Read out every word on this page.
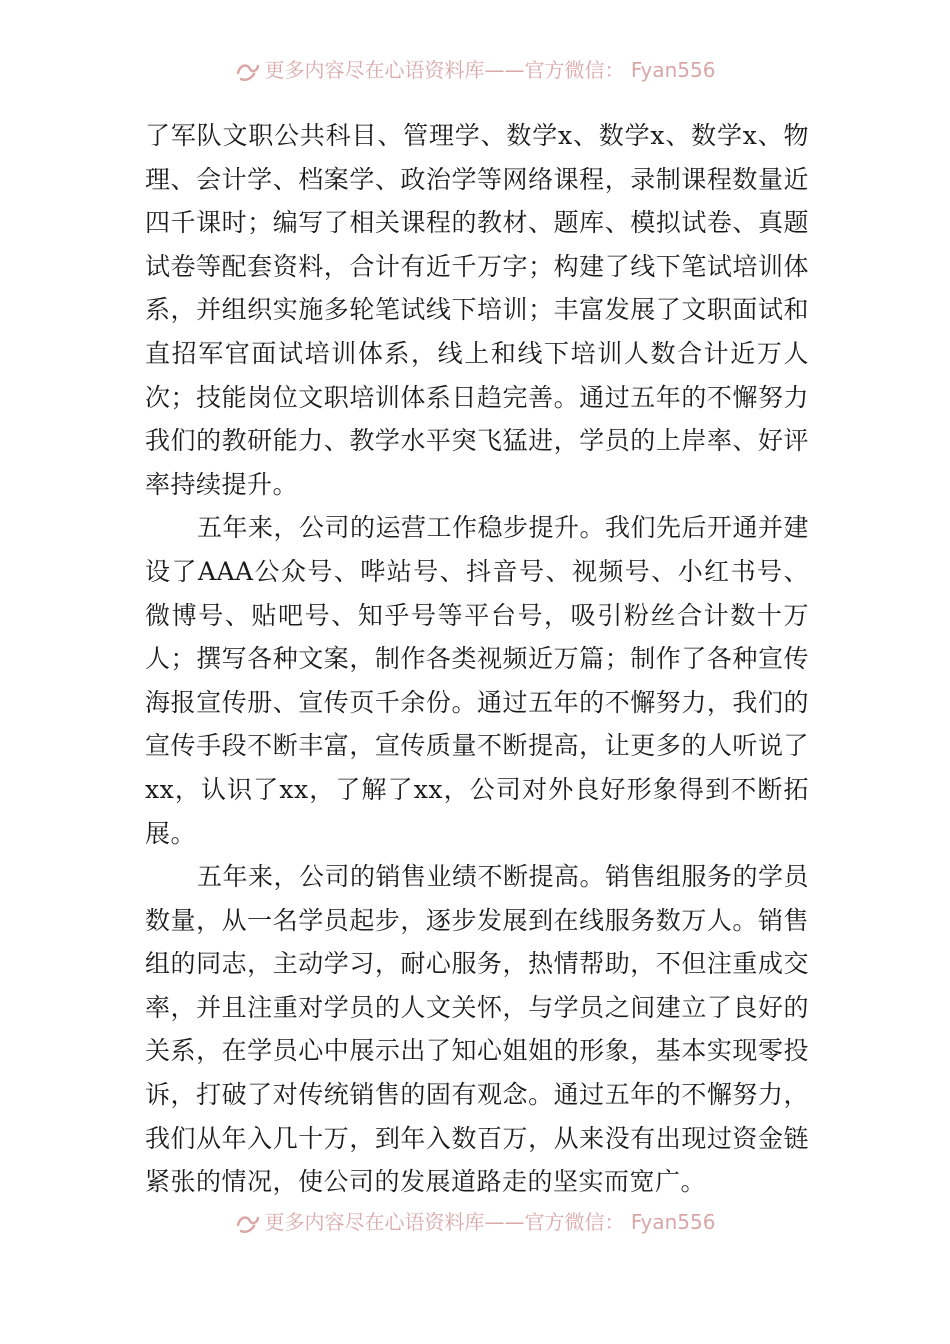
更多内容尽在心语资料库——官方微信： Fyan556

了军队文职公共科目、管理学、数学x、数学x、数学x、物理、会计学、档案学、政治学等网络课程，录制课程数量近四千课时；编写了相关课程的教材、题库、模拟试卷、真题试卷等配套资料，合计有近千万字；构建了线下笔试培训体系，并组织实施多轮笔试线下培训；丰富发展了文职面试和直招军官面试培训体系，线上和线下培训人数合计近万人次；技能岗位文职培训体系日趋完善。通过五年的不懈努力我们的教研能力、教学水平突飞猛进，学员的上岸率、好评率持续提升。

五年来，公司的运营工作稳步提升。我们先后开通并建设了AAA公众号、哔站号、抖音号、视频号、小红书号、微博号、贴吧号、知乎号等平台号，吸引粉丝合计数十万人；撰写各种文案，制作各类视频近万篇；制作了各种宣传海报宣传册、宣传页千余份。通过五年的不懈努力，我们的宣传手段不断丰富，宣传质量不断提高，让更多的人听说了xx，认识了xx，了解了xx，公司对外良好形象得到不断拓展。

五年来，公司的销售业绩不断提高。销售组服务的学员数量，从一名学员起步，逐步发展到在线服务数万人。销售组的同志，主动学习，耐心服务，热情帮助，不但注重成交率，并且注重对学员的人文关怀，与学员之间建立了良好的关系，在学员心中展示出了知心姐姐的形象，基本实现零投诉，打破了对传统销售的固有观念。通过五年的不懈努力，我们从年入几十万，到年入数百万，从来没有出现过资金链紧张的情况，使公司的发展道路走的坚实而宽广。

更多内容尽在心语资料库——官方微信： Fyan556
